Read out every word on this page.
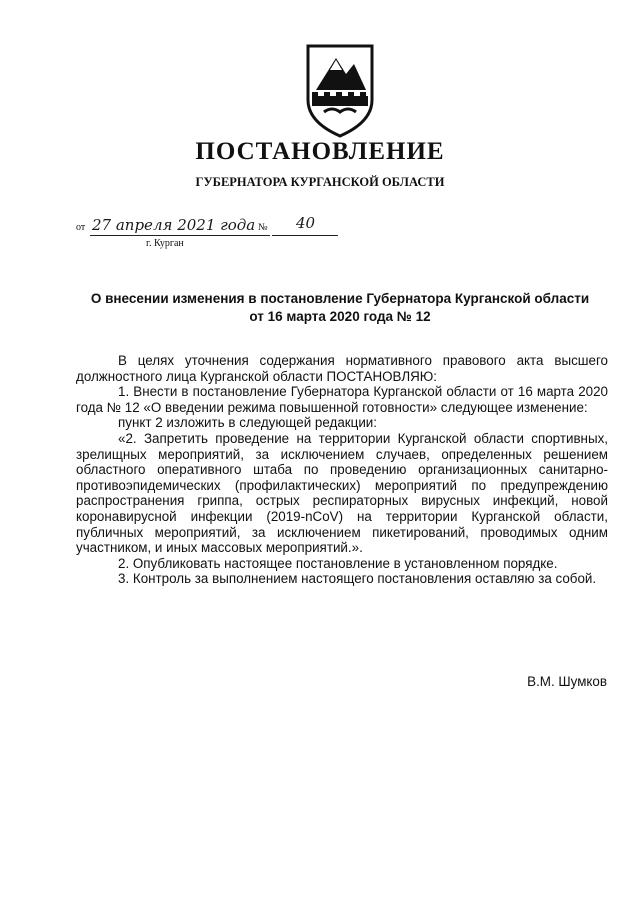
ПОСТАНОВЛЕНИЕ
ГУБЕРНАТОРА КУРГАНСКОЙ ОБЛАСТИ
от 27 апреля 2021 года № 40
г. Курган
О внесении изменения в постановление Губернатора Курганской области
от 16 марта 2020 года № 12

В целях уточнения содержания нормативного правового акта высшего должностного лица Курганской области ПОСТАНОВЛЯЮ:

1. Внести в постановление Губернатора Курганской области от 16 марта 2020 года № 12 «О введении режима повышенной готовности» следующее изменение:

пункт 2 изложить в следующей редакции:

«2. Запретить проведение на территории Курганской области спортивных, зрелищных мероприятий, за исключением случаев, определенных решением областного оперативного штаба по проведению организационных санитарно-противоэпидемических (профилактических) мероприятий по предупреждению распространения гриппа, острых респираторных вирусных инфекций, новой коронавирусной инфекции (2019-nCoV) на территории Курганской области, публичных мероприятий, за исключением пикетирований, проводимых одним участником, и иных массовых мероприятий.».

2. Опубликовать настоящее постановление в установленном порядке.

3. Контроль за выполнением настоящего постановления оставляю за собой.

В.М. Шумков
